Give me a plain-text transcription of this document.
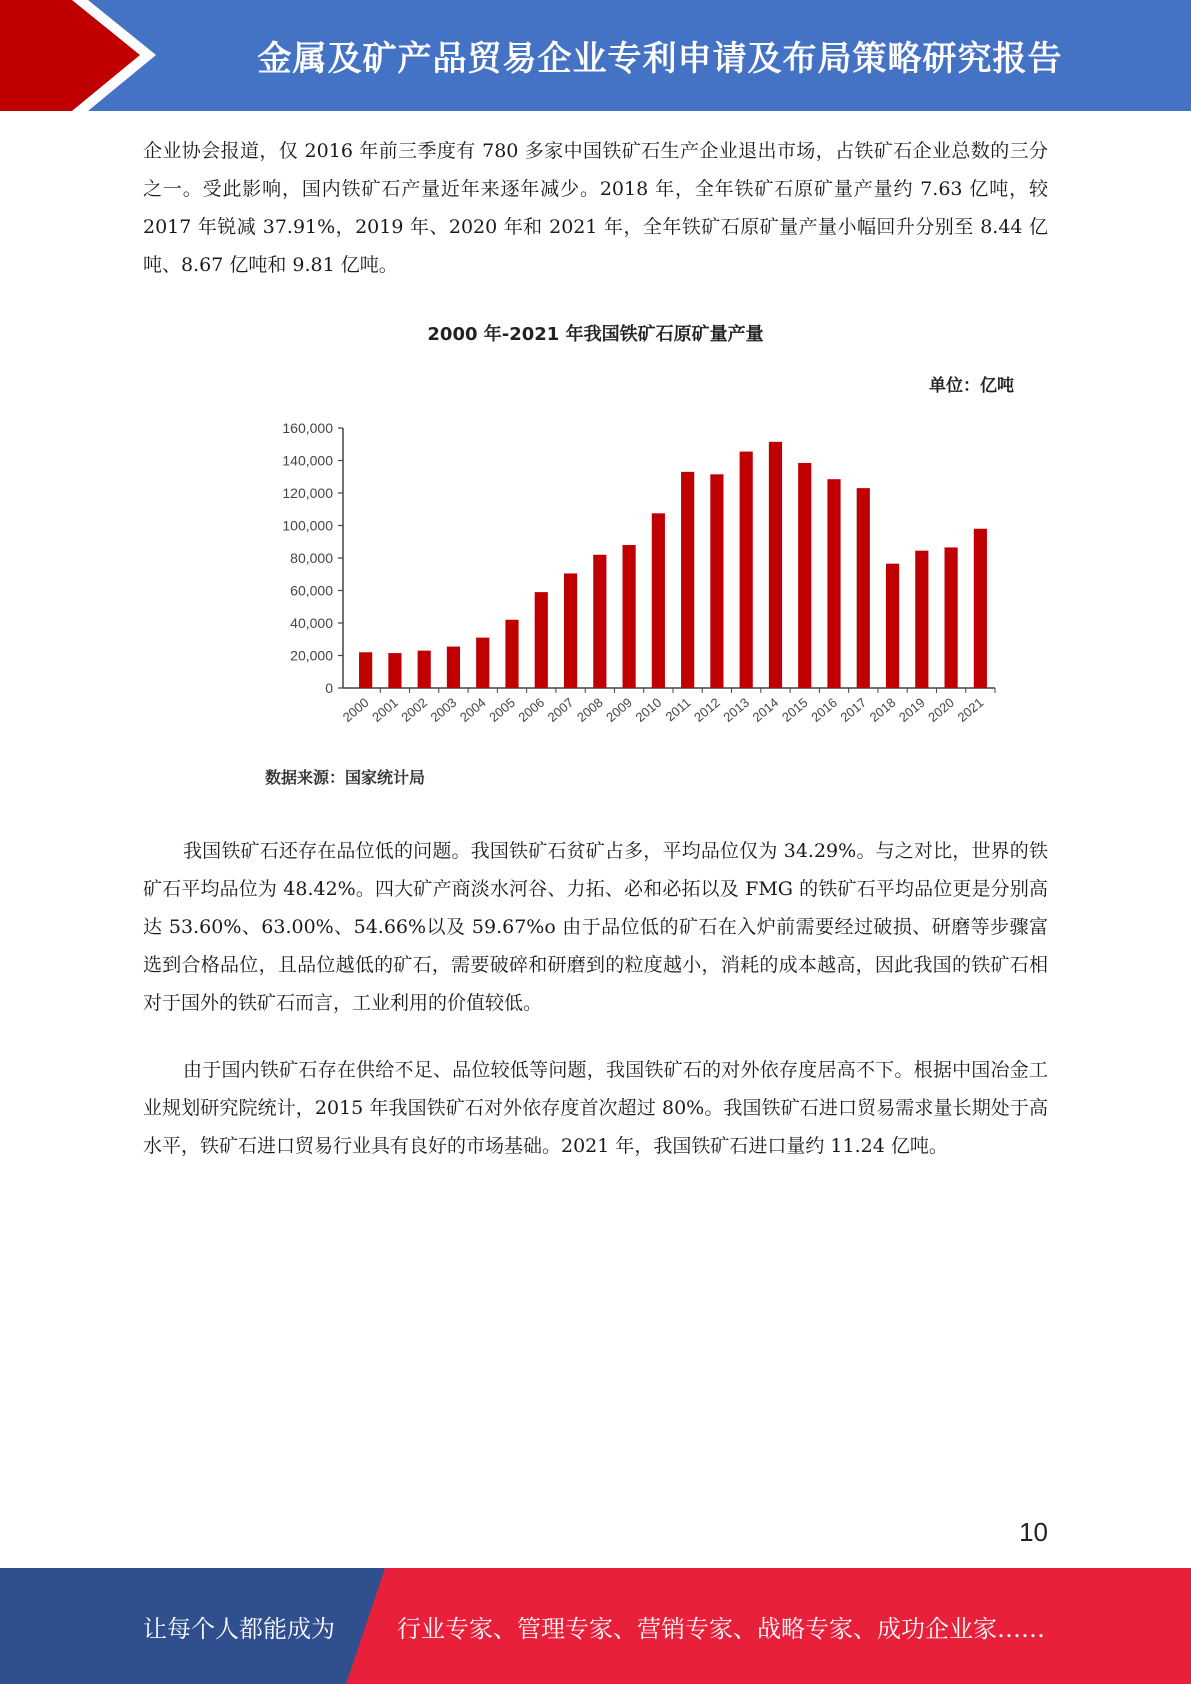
金属及矿产品贸易企业专利申请及布局策略研究报告

企业协会报道，仅 2016 年前三季度有 780 多家中国铁矿石生产企业退出市场，占铁矿石企业总数的三分之一。受此影响，国内铁矿石产量近年来逐年减少。2018 年，全年铁矿石原矿量产量约 7.63 亿吨，较 2017 年锐减 37.91%，2019 年、2020 年和 2021 年，全年铁矿石原矿量产量小幅回升分别至 8.44 亿吨、8.67 亿吨和 9.81 亿吨。

2000 年-2021 年我国铁矿石原矿量产量
单位：亿吨
0
20,000
40,000
60,000
80,000
100,000
120,000
140,000
160,000
2000
2001
2002
2003
2004
2005
2006
2007
2008
2009
2010
2011
2012
2013
2014
2015
2016
2017
2018
2019
2020
2021
数据来源：国家统计局

我国铁矿石还存在品位低的问题。我国铁矿石贫矿占多，平均品位仅为 34.29%。与之对比，世界的铁矿石平均品位为 48.42%。四大矿产商淡水河谷、力拓、必和必拓以及 FMG 的铁矿石平均品位更是分别高达 53.60%、63.00%、54.66%以及 59.67%o 由于品位低的矿石在入炉前需要经过破损、研磨等步骤富选到合格品位，且品位越低的矿石，需要破碎和研磨到的粒度越小，消耗的成本越高，因此我国的铁矿石相对于国外的铁矿石而言，工业利用的价值较低。

由于国内铁矿石存在供给不足、品位较低等问题，我国铁矿石的对外依存度居高不下。根据中国冶金工业规划研究院统计，2015 年我国铁矿石对外依存度首次超过 80%。我国铁矿石进口贸易需求量长期处于高水平，铁矿石进口贸易行业具有良好的市场基础。2021 年，我国铁矿石进口量约 11.24 亿吨。

10
让每个人都能成为	行业专家、管理专家、营销专家、战略专家、成功企业家……
